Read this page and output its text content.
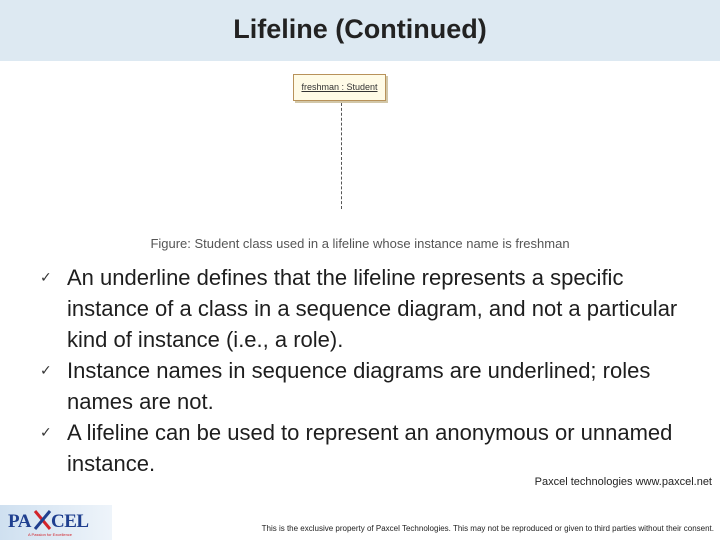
Lifeline (Continued)
freshman : Student
Figure: Student class used in a lifeline whose instance name is freshman
✓ An underline defines that the lifeline represents a specific instance of a class in a sequence diagram, and not a particular kind of instance (i.e., a role).
✓ Instance names in sequence diagrams are underlined; roles names are not.
✓ A lifeline can be used to represent an anonymous or unnamed instance.
Paxcel technologies www.paxcel.net
PA CEL
A Passion for Excellence
This is the exclusive property of Paxcel Technologies. This may not be reproduced or given to third parties without their consent.
